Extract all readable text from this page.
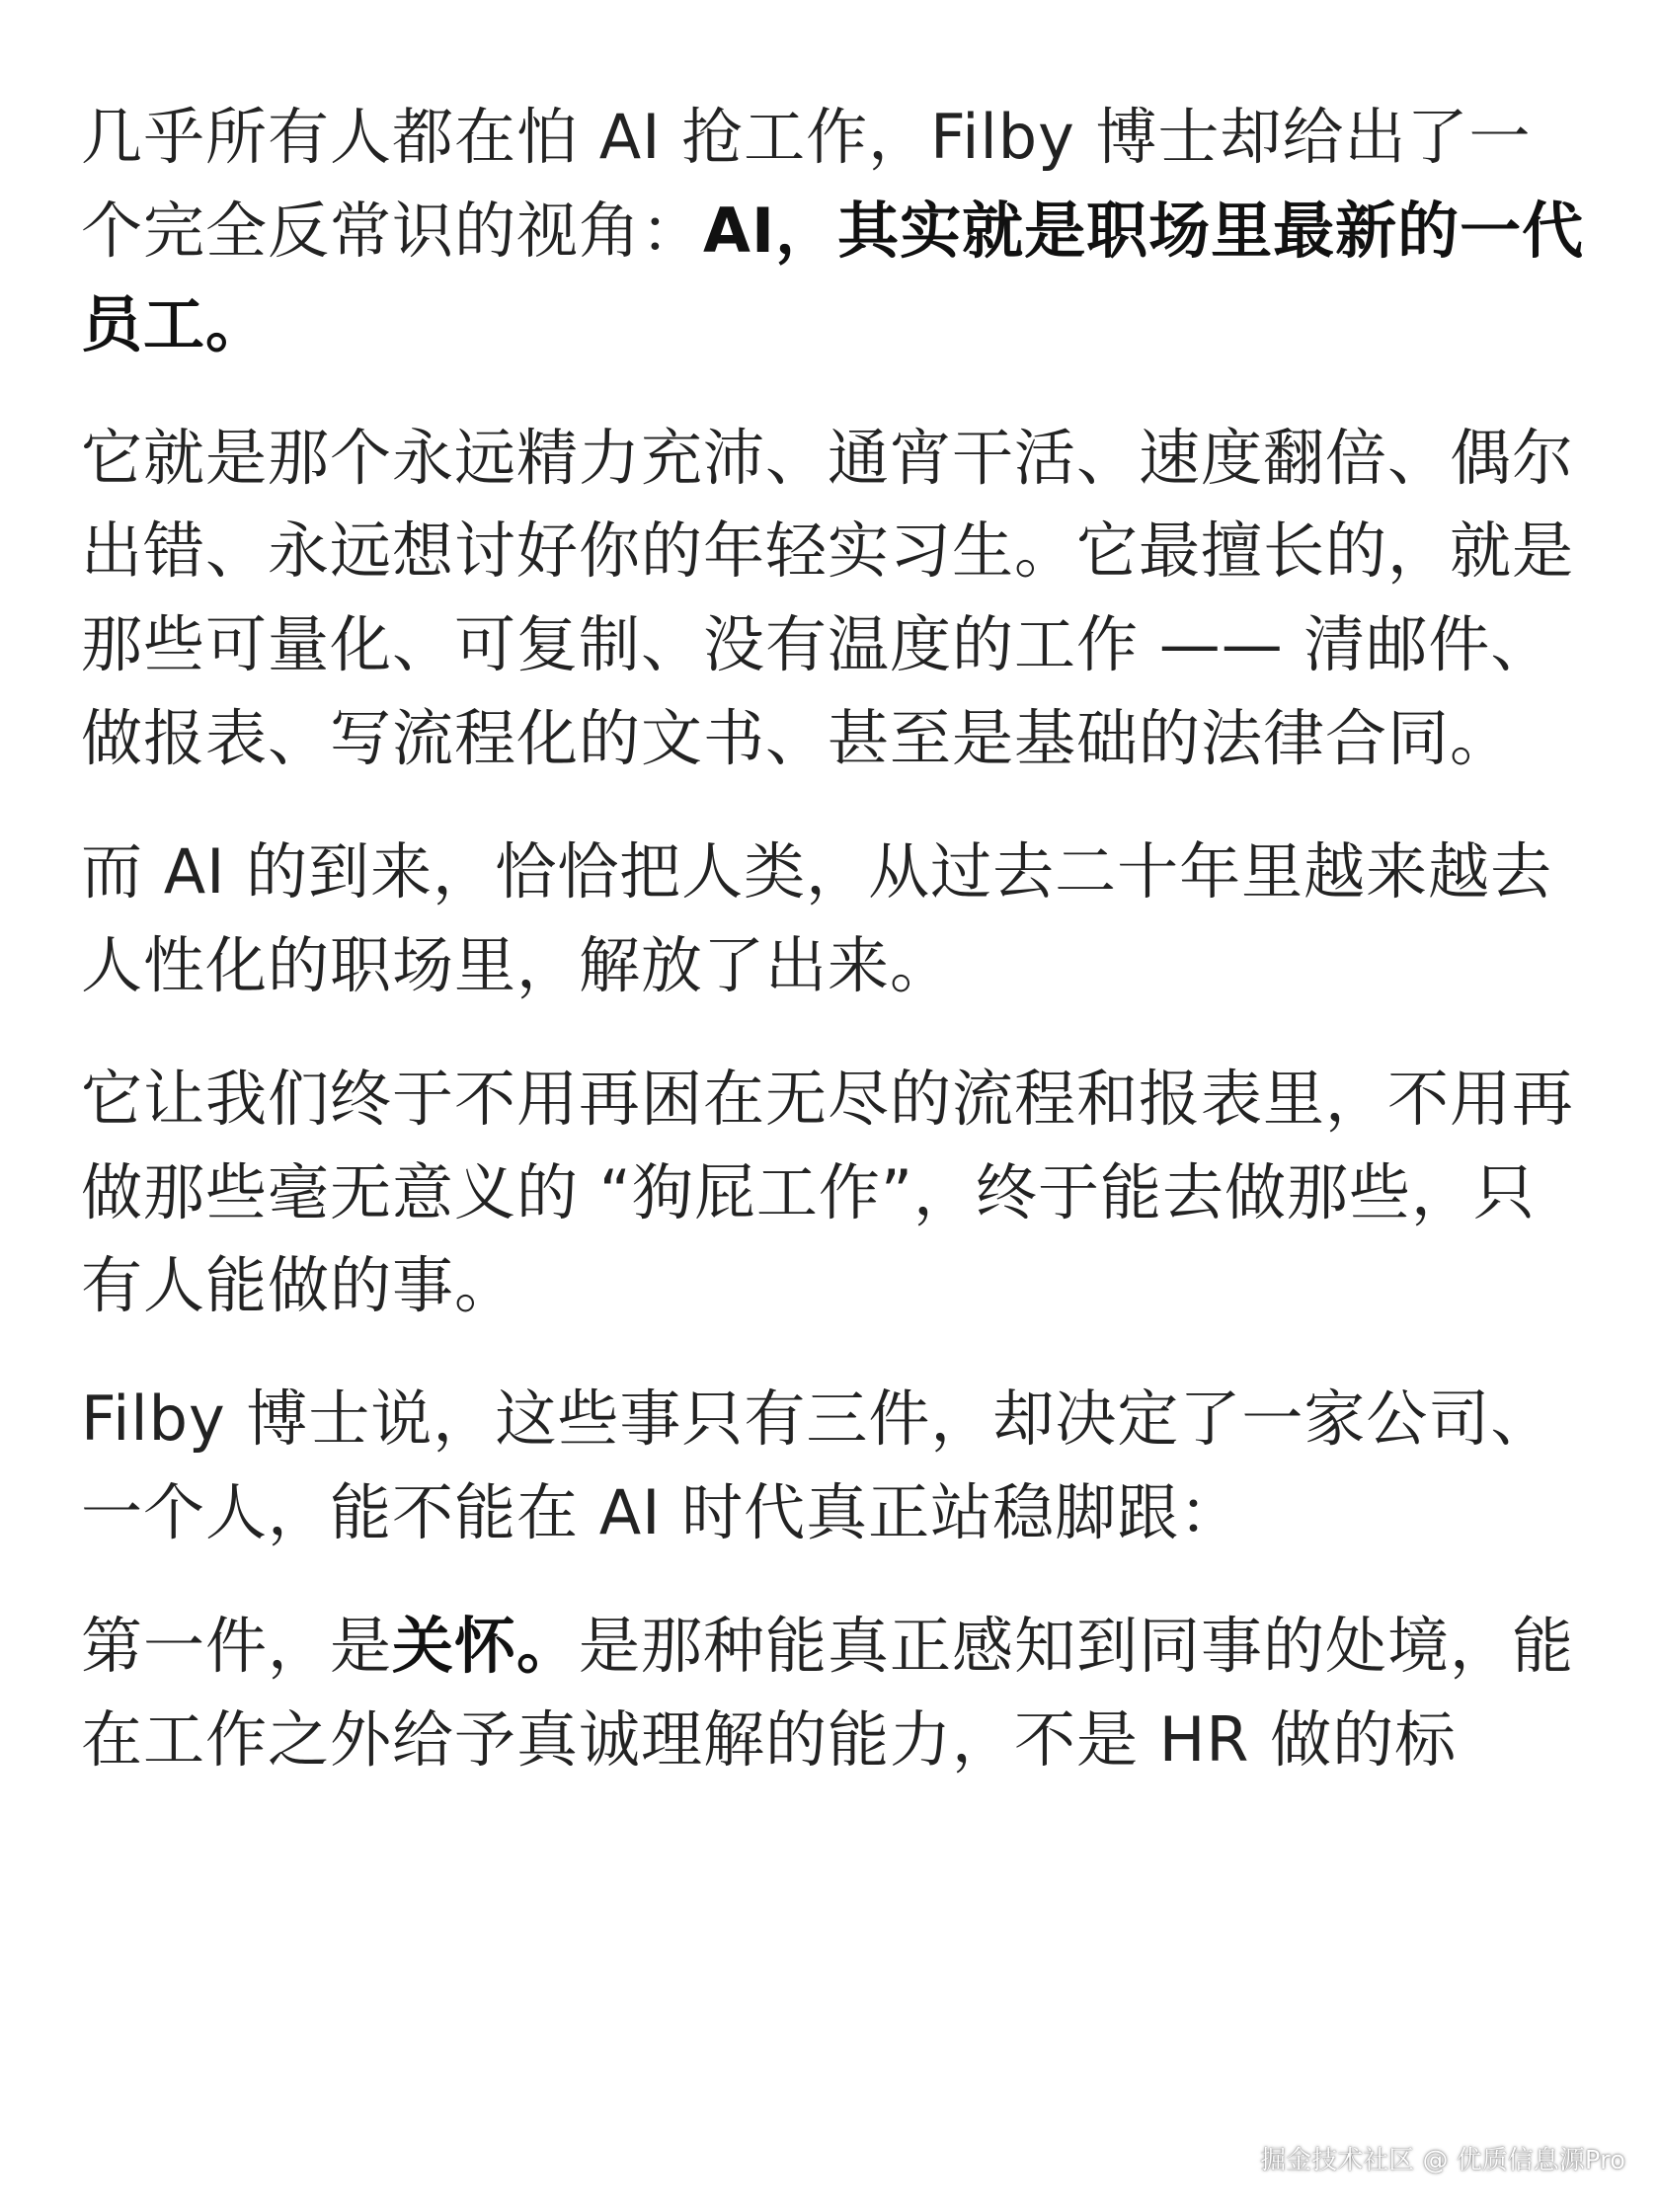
几乎所有人都在怕 AI 抢工作，Filby 博士却给出了一个完全反常识的视角：AI，其实就是职场里最新的一代员工。

它就是那个永远精力充沛、通宵干活、速度翻倍、偶尔出错、永远想讨好你的年轻实习生。它最擅长的，就是那些可量化、可复制、没有温度的工作 —— 清邮件、做报表、写流程化的文书、甚至是基础的法律合同。

而 AI 的到来，恰恰把人类，从过去二十年里越来越去人性化的职场里，解放了出来。

它让我们终于不用再困在无尽的流程和报表里，不用再做那些毫无意义的 “狗屁工作”，终于能去做那些，只有人能做的事。

Filby 博士说，这些事只有三件，却决定了一家公司、一个人，能不能在 AI 时代真正站稳脚跟：

第一件，是关怀。是那种能真正感知到同事的处境，能在工作之外给予真诚理解的能力，不是 HR 做的标

掘金技术社区 @ 优质信息源Pro
